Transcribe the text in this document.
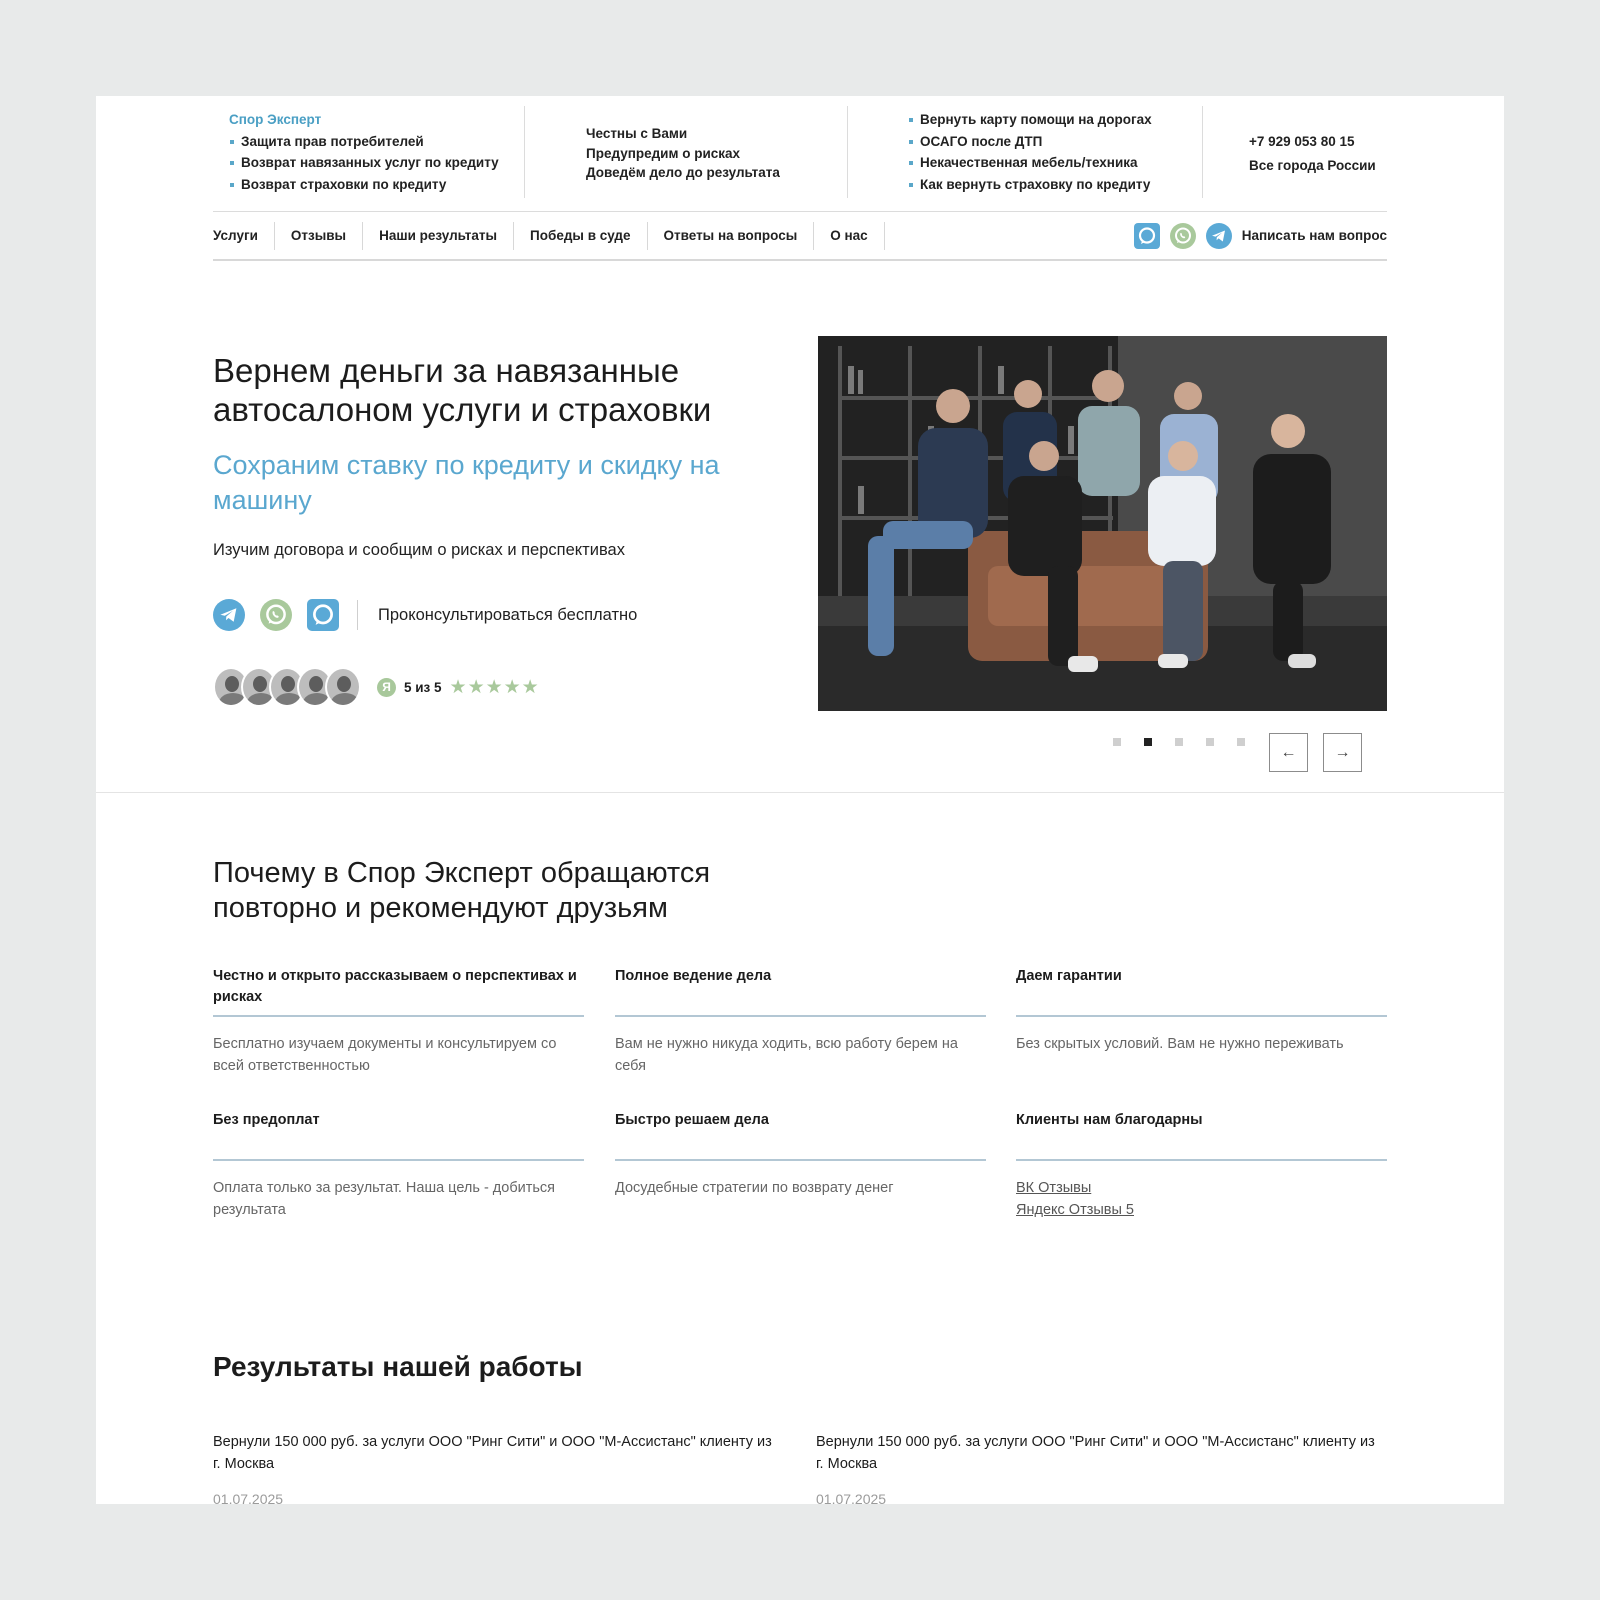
Спор Эксперт
Защита прав потребителей
Возврат навязанных услуг по кредиту
Возврат страховки по кредиту
Честны с Вами
Предупредим о рисках
Доведём дело до результата
Вернуть карту помощи на дорогах
ОСАГО после ДТП
Некачественная мебель/техника
Как вернуть страховку по кредиту
+7 929 053 80 15
Все города России
Услуги	Отзывы	Наши результаты	Победы в суде	Ответы на вопросы	О нас	Написать нам вопрос
Вернем деньги за навязанные автосалоном услуги и страховки
Сохраним ставку по кредиту и скидку на машину
Изучим договора и сообщим о рисках и перспективах
Проконсультироваться бесплатно
Я 5 из 5 ★★★★★
← →
Почему в Спор Эксперт обращаются повторно и рекомендуют друзьям
Честно и открыто рассказываем о перспективах и рисках
Бесплатно изучаем документы и консультируем со всей ответственностью
Полное ведение дела
Вам не нужно никуда ходить, всю работу берем на себя
Даем гарантии
Без скрытых условий. Вам не нужно переживать
Без предоплат
Оплата только за результат. Наша цель - добиться результата
Быстро решаем дела
Досудебные стратегии по возврату денег
Клиенты нам благодарны
ВК Отзывы
Яндекс Отзывы 5
Результаты нашей работы
Вернули 150 000 руб. за услуги ООО "Ринг Сити" и ООО "М-Ассистанс" клиенту из г. Москва
01.07.2025
Вернули 150 000 руб. за услуги ООО "Ринг Сити" и ООО "М-Ассистанс" клиенту из г. Москва
01.07.2025
